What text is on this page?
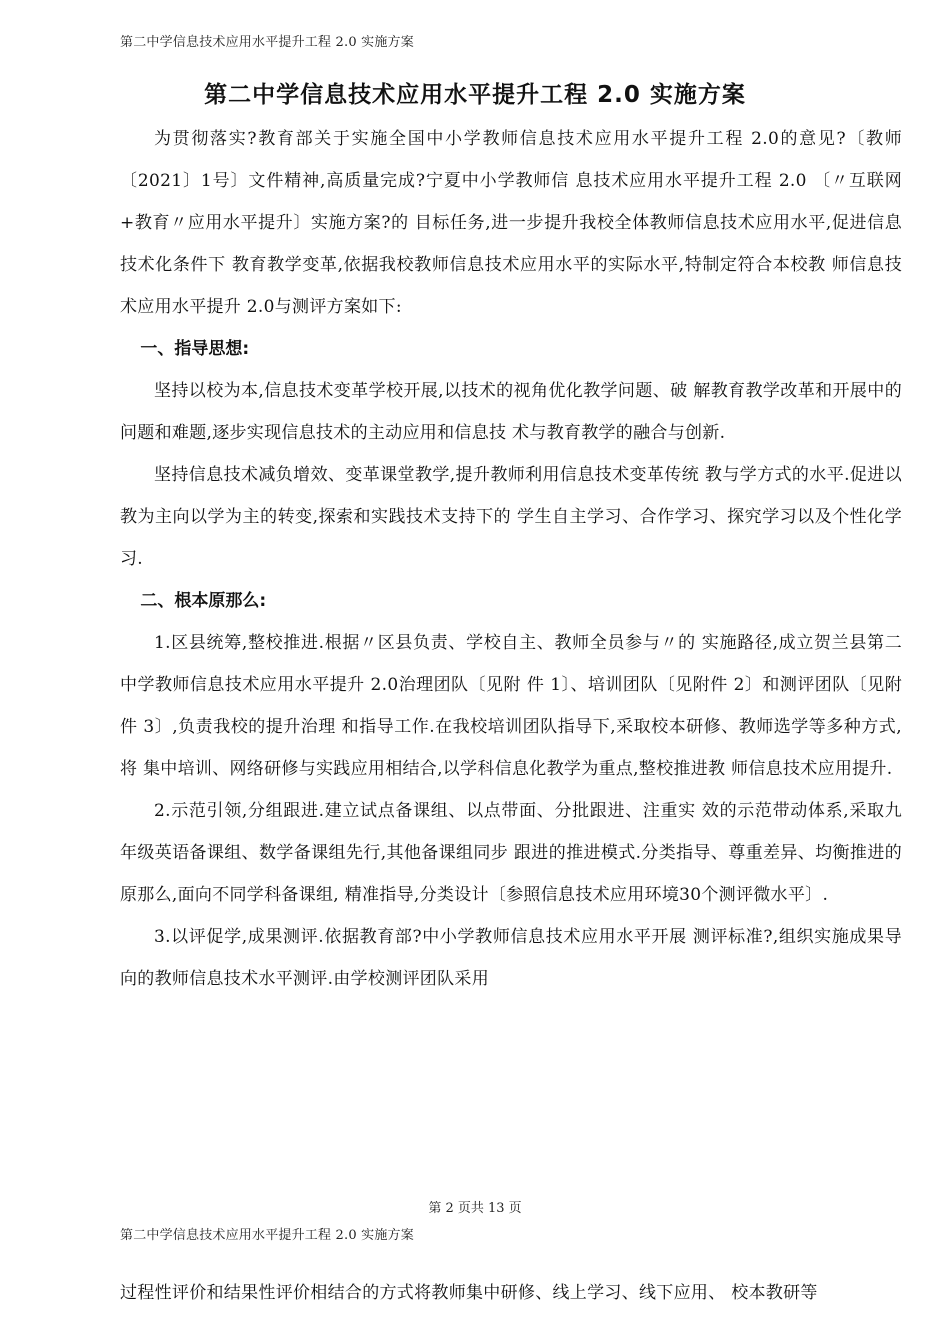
第二中学信息技术应用水平提升工程 2.0 实施方案
第二中学信息技术应用水平提升工程 2.0 实施方案

为贯彻落实?教育部关于实施全国中小学教师信息技术应用水平提升工程 2.0的意见?〔教师〔2021〕1号〕文件精神,高质量完成?宁夏中小学教师信 息技术应用水平提升工程 2.0 〔〃互联网+教育〃应用水平提升〕实施方案?的 目标任务,进一步提升我校全体教师信息技术应用水平,促进信息技术化条件下 教育教学变革,依据我校教师信息技术应用水平的实际水平,特制定符合本校教 师信息技术应用水平提升 2.0与测评方案如下:

一、指导思想:

坚持以校为本,信息技术变革学校开展,以技术的视角优化教学问题、破 解教育教学改革和开展中的问题和难题,逐步实现信息技术的主动应用和信息技 术与教育教学的融合与创新.

坚持信息技术减负增效、变革课堂教学,提升教师利用信息技术变革传统 教与学方式的水平.促进以教为主向以学为主的转变,探索和实践技术支持下的 学生自主学习、合作学习、探究学习以及个性化学习.

二、根本原那么:

1.区县统筹,整校推进.根据〃区县负责、学校自主、教师全员参与〃的 实施路径,成立贺兰县第二中学教师信息技术应用水平提升 2.0治理团队〔见附 件 1〕、培训团队〔见附件 2〕和测评团队〔见附件 3〕,负责我校的提升治理 和指导工作.在我校培训团队指导下,采取校本研修、教师选学等多种方式,将 集中培训、网络研修与实践应用相结合,以学科信息化教学为重点,整校推进教 师信息技术应用提升.

2.示范引领,分组跟进.建立试点备课组、以点带面、分批跟进、注重实 效的示范带动体系,采取九年级英语备课组、数学备课组先行,其他备课组同步 跟进的推进模式.分类指导、尊重差异、均衡推进的原那么,面向不同学科备课组, 精准指导,分类设计〔参照信息技术应用环境30个测评微水平〕.

3.以评促学,成果测评.依据教育部?中小学教师信息技术应用水平开展 测评标准?,组织实施成果导向的教师信息技术水平测评.由学校测评团队采用

第 2 页共 13 页
第二中学信息技术应用水平提升工程 2.0 实施方案

过程性评价和结果性评价相结合的方式将教师集中研修、线上学习、线下应用、 校本教研等
